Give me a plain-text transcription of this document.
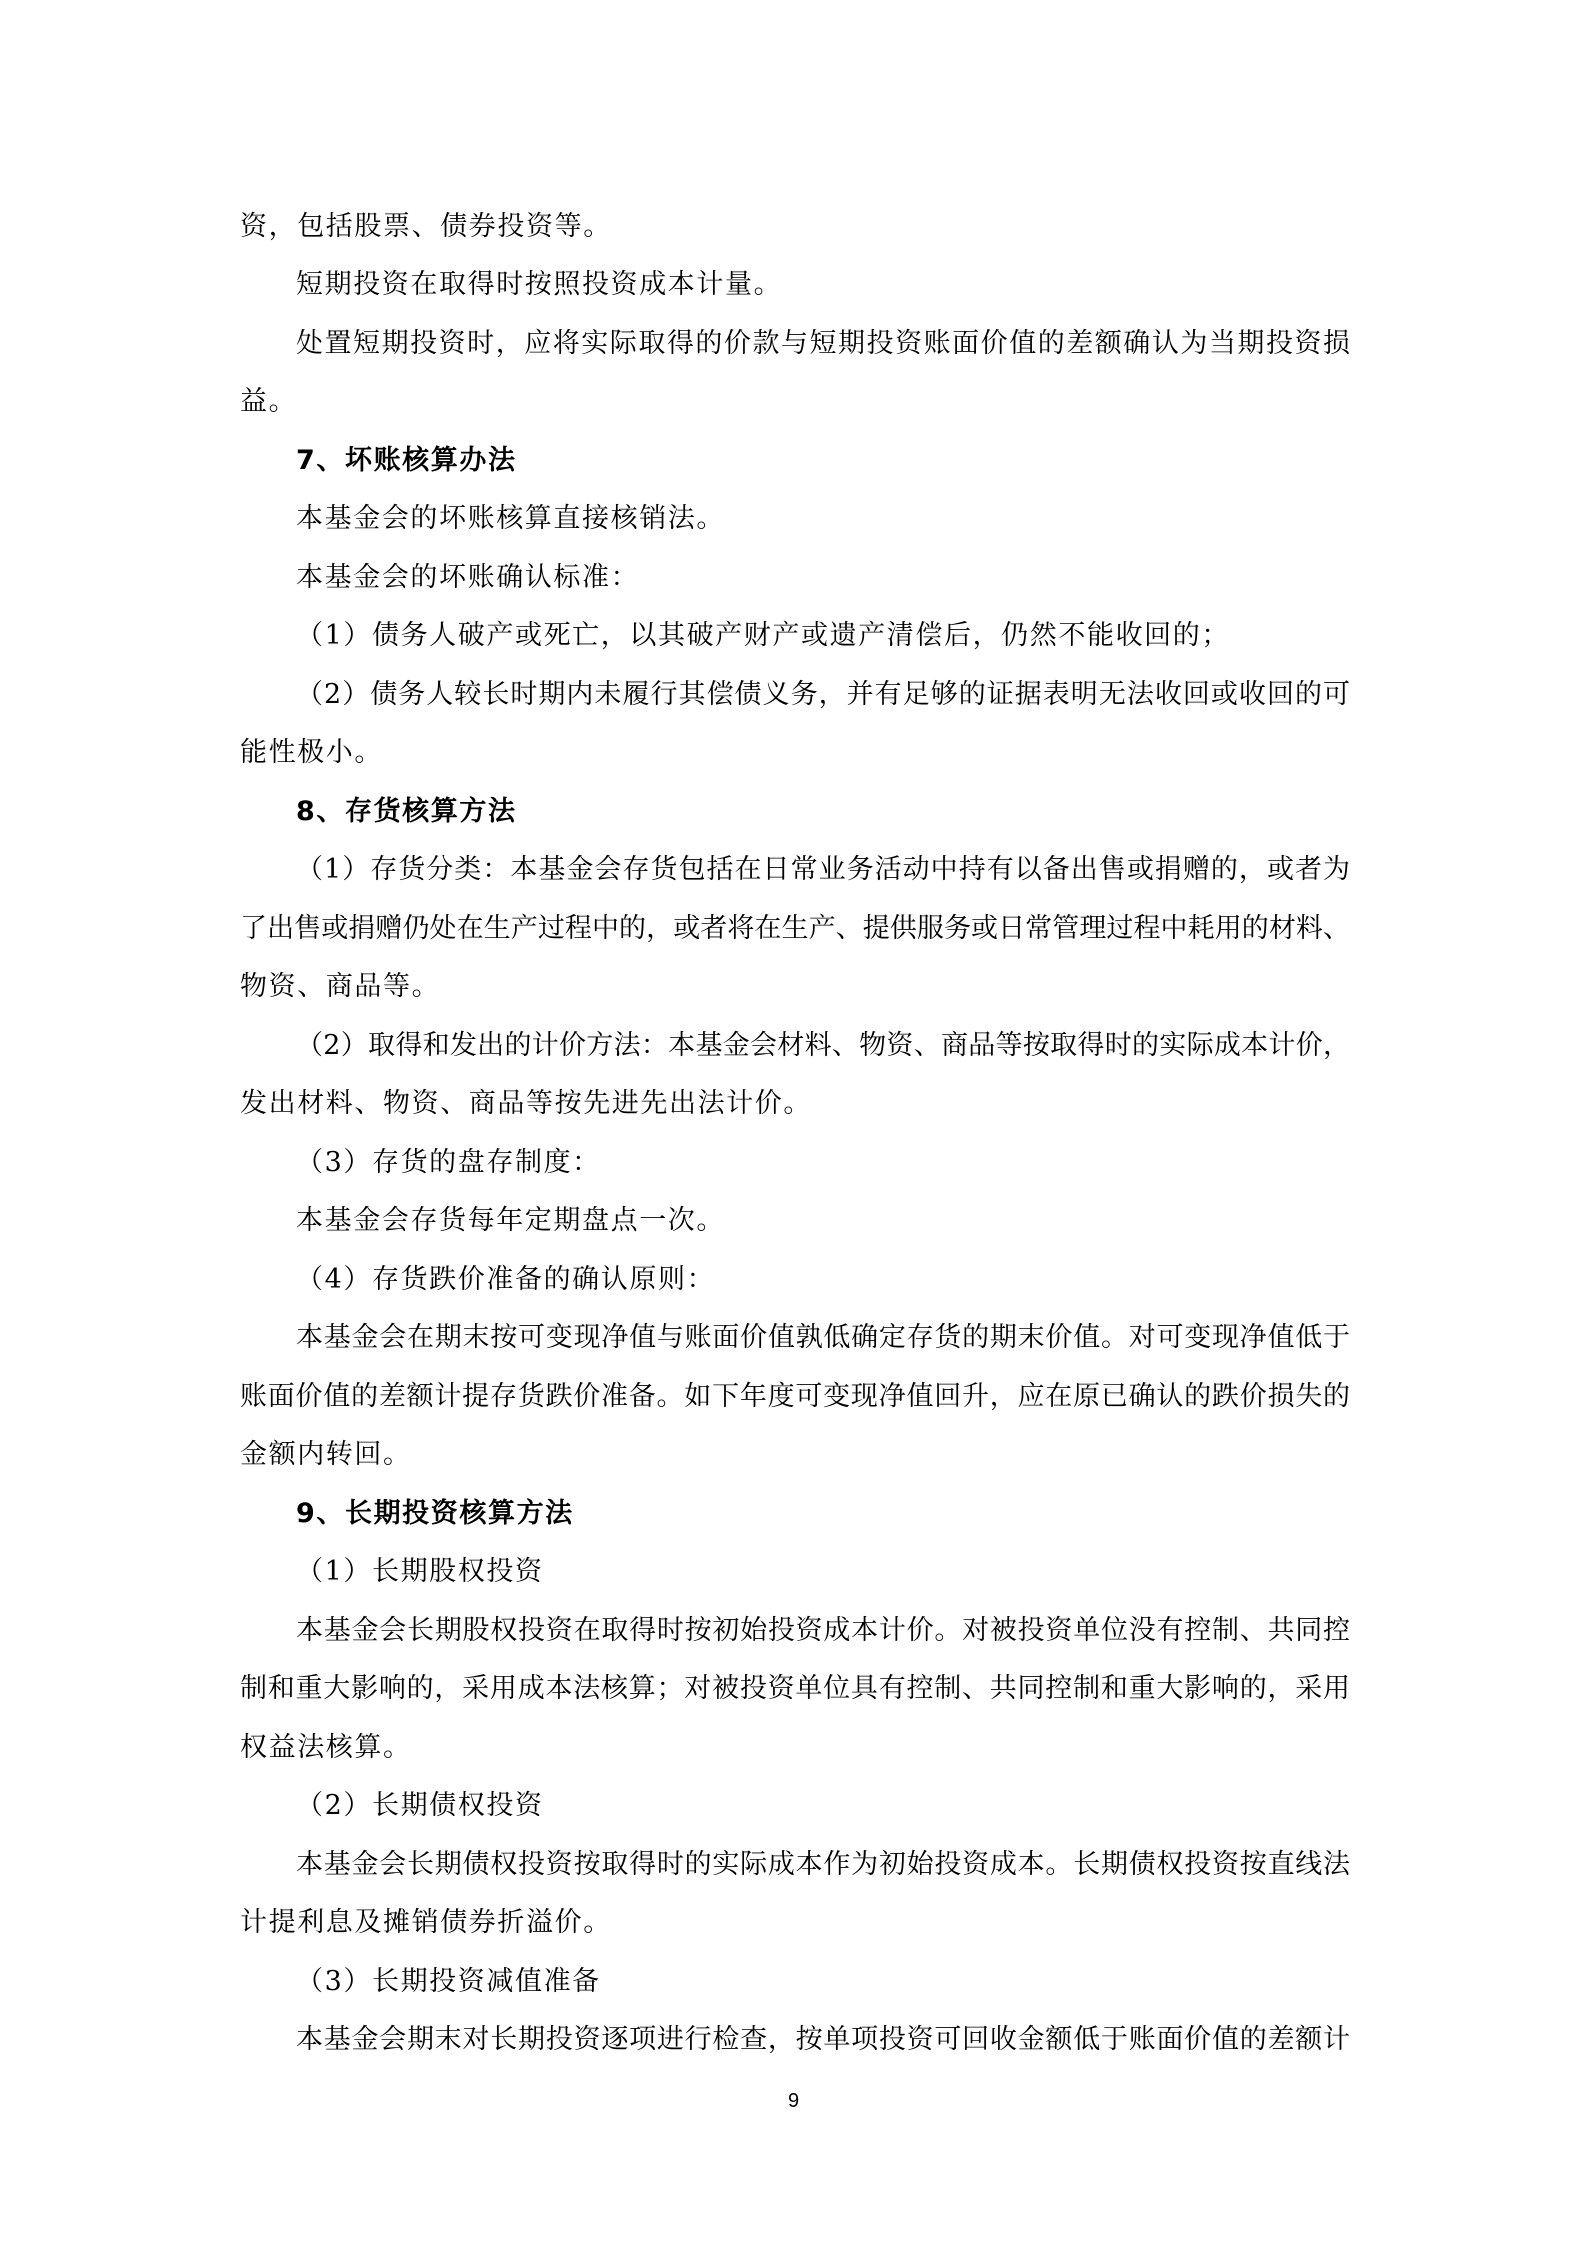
资，包括股票、债券投资等。
短期投资在取得时按照投资成本计量。
处置短期投资时，应将实际取得的价款与短期投资账面价值的差额确认为当期投资损
益。
7、坏账核算办法
本基金会的坏账核算直接核销法。
本基金会的坏账确认标准：
（1）债务人破产或死亡，以其破产财产或遗产清偿后，仍然不能收回的；
（2）债务人较长时期内未履行其偿债义务，并有足够的证据表明无法收回或收回的可
能性极小。
8、存货核算方法
（1）存货分类：本基金会存货包括在日常业务活动中持有以备出售或捐赠的，或者为
了出售或捐赠仍处在生产过程中的，或者将在生产、提供服务或日常管理过程中耗用的材料、
物资、商品等。
（2）取得和发出的计价方法：本基金会材料、物资、商品等按取得时的实际成本计价，
发出材料、物资、商品等按先进先出法计价。
（3）存货的盘存制度：
本基金会存货每年定期盘点一次。
（4）存货跌价准备的确认原则：
本基金会在期末按可变现净值与账面价值孰低确定存货的期末价值。对可变现净值低于
账面价值的差额计提存货跌价准备。如下年度可变现净值回升，应在原已确认的跌价损失的
金额内转回。
9、长期投资核算方法
（1）长期股权投资
本基金会长期股权投资在取得时按初始投资成本计价。对被投资单位没有控制、共同控
制和重大影响的，采用成本法核算；对被投资单位具有控制、共同控制和重大影响的，采用
权益法核算。
（2）长期债权投资
本基金会长期债权投资按取得时的实际成本作为初始投资成本。长期债权投资按直线法
计提利息及摊销债券折溢价。
（3）长期投资减值准备
本基金会期末对长期投资逐项进行检查，按单项投资可回收金额低于账面价值的差额计
9
